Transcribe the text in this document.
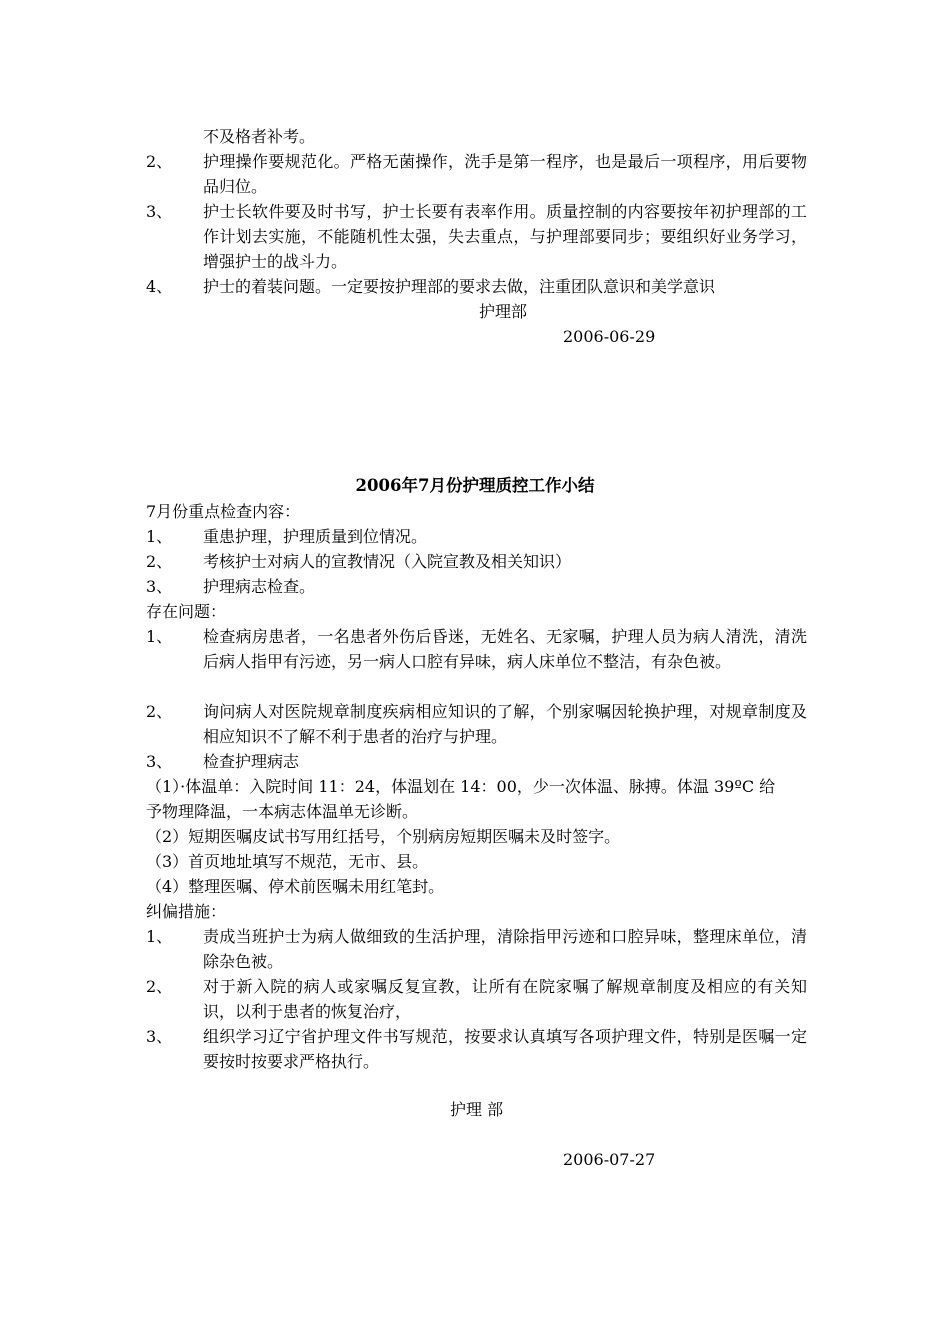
不及格者补考。
2、 护理操作要规范化。严格无菌操作，洗手是第一程序，也是最后一项程序，用后要物品归位。
3、 护士长软件要及时书写，护士长要有表率作用。质量控制的内容要按年初护理部的工作计划去实施，不能随机性太强，失去重点，与护理部要同步；要组织好业务学习，增强护士的战斗力。
4、 护士的着装问题。一定要按护理部的要求去做，注重团队意识和美学意识
护理部
2006-06-29
2006年7月份护理质控工作小结
7月份重点检查内容：
1、 重患护理，护理质量到位情况。
2、 考核护士对病人的宣教情况（入院宣教及相关知识）
3、 护理病志检查。
存在问题：
1、 检查病房患者，一名患者外伤后昏迷，无姓名、无家嘱，护理人员为病人清洗，清洗后病人指甲有污迹，另一病人口腔有异味，病人床单位不整洁，有杂色被。
2、 询问病人对医院规章制度疾病相应知识的了解，个别家嘱因轮换护理，对规章制度及相应知识不了解不利于患者的治疗与护理。
3、 检查护理病志
（1）·体温单：入院时间 11：24，体温划在 14：00，少一次体温、脉搏。体温 39ºC 给
予物理降温，一本病志体温单无诊断。
（2）短期医嘱皮试书写用红括号，个别病房短期医嘱未及时签字。
（3）首页地址填写不规范，无市、县。
（4）整理医嘱、停术前医嘱未用红笔封。
纠偏措施：
1、 责成当班护士为病人做细致的生活护理，清除指甲污迹和口腔异味，整理床单位，清除杂色被。
2、 对于新入院的病人或家嘱反复宣教，让所有在院家嘱了解规章制度及相应的有关知识，以利于患者的恢复治疗，
3、 组织学习辽宁省护理文件书写规范，按要求认真填写各项护理文件，特别是医嘱一定要按时按要求严格执行。
护理 部
2006-07-27
